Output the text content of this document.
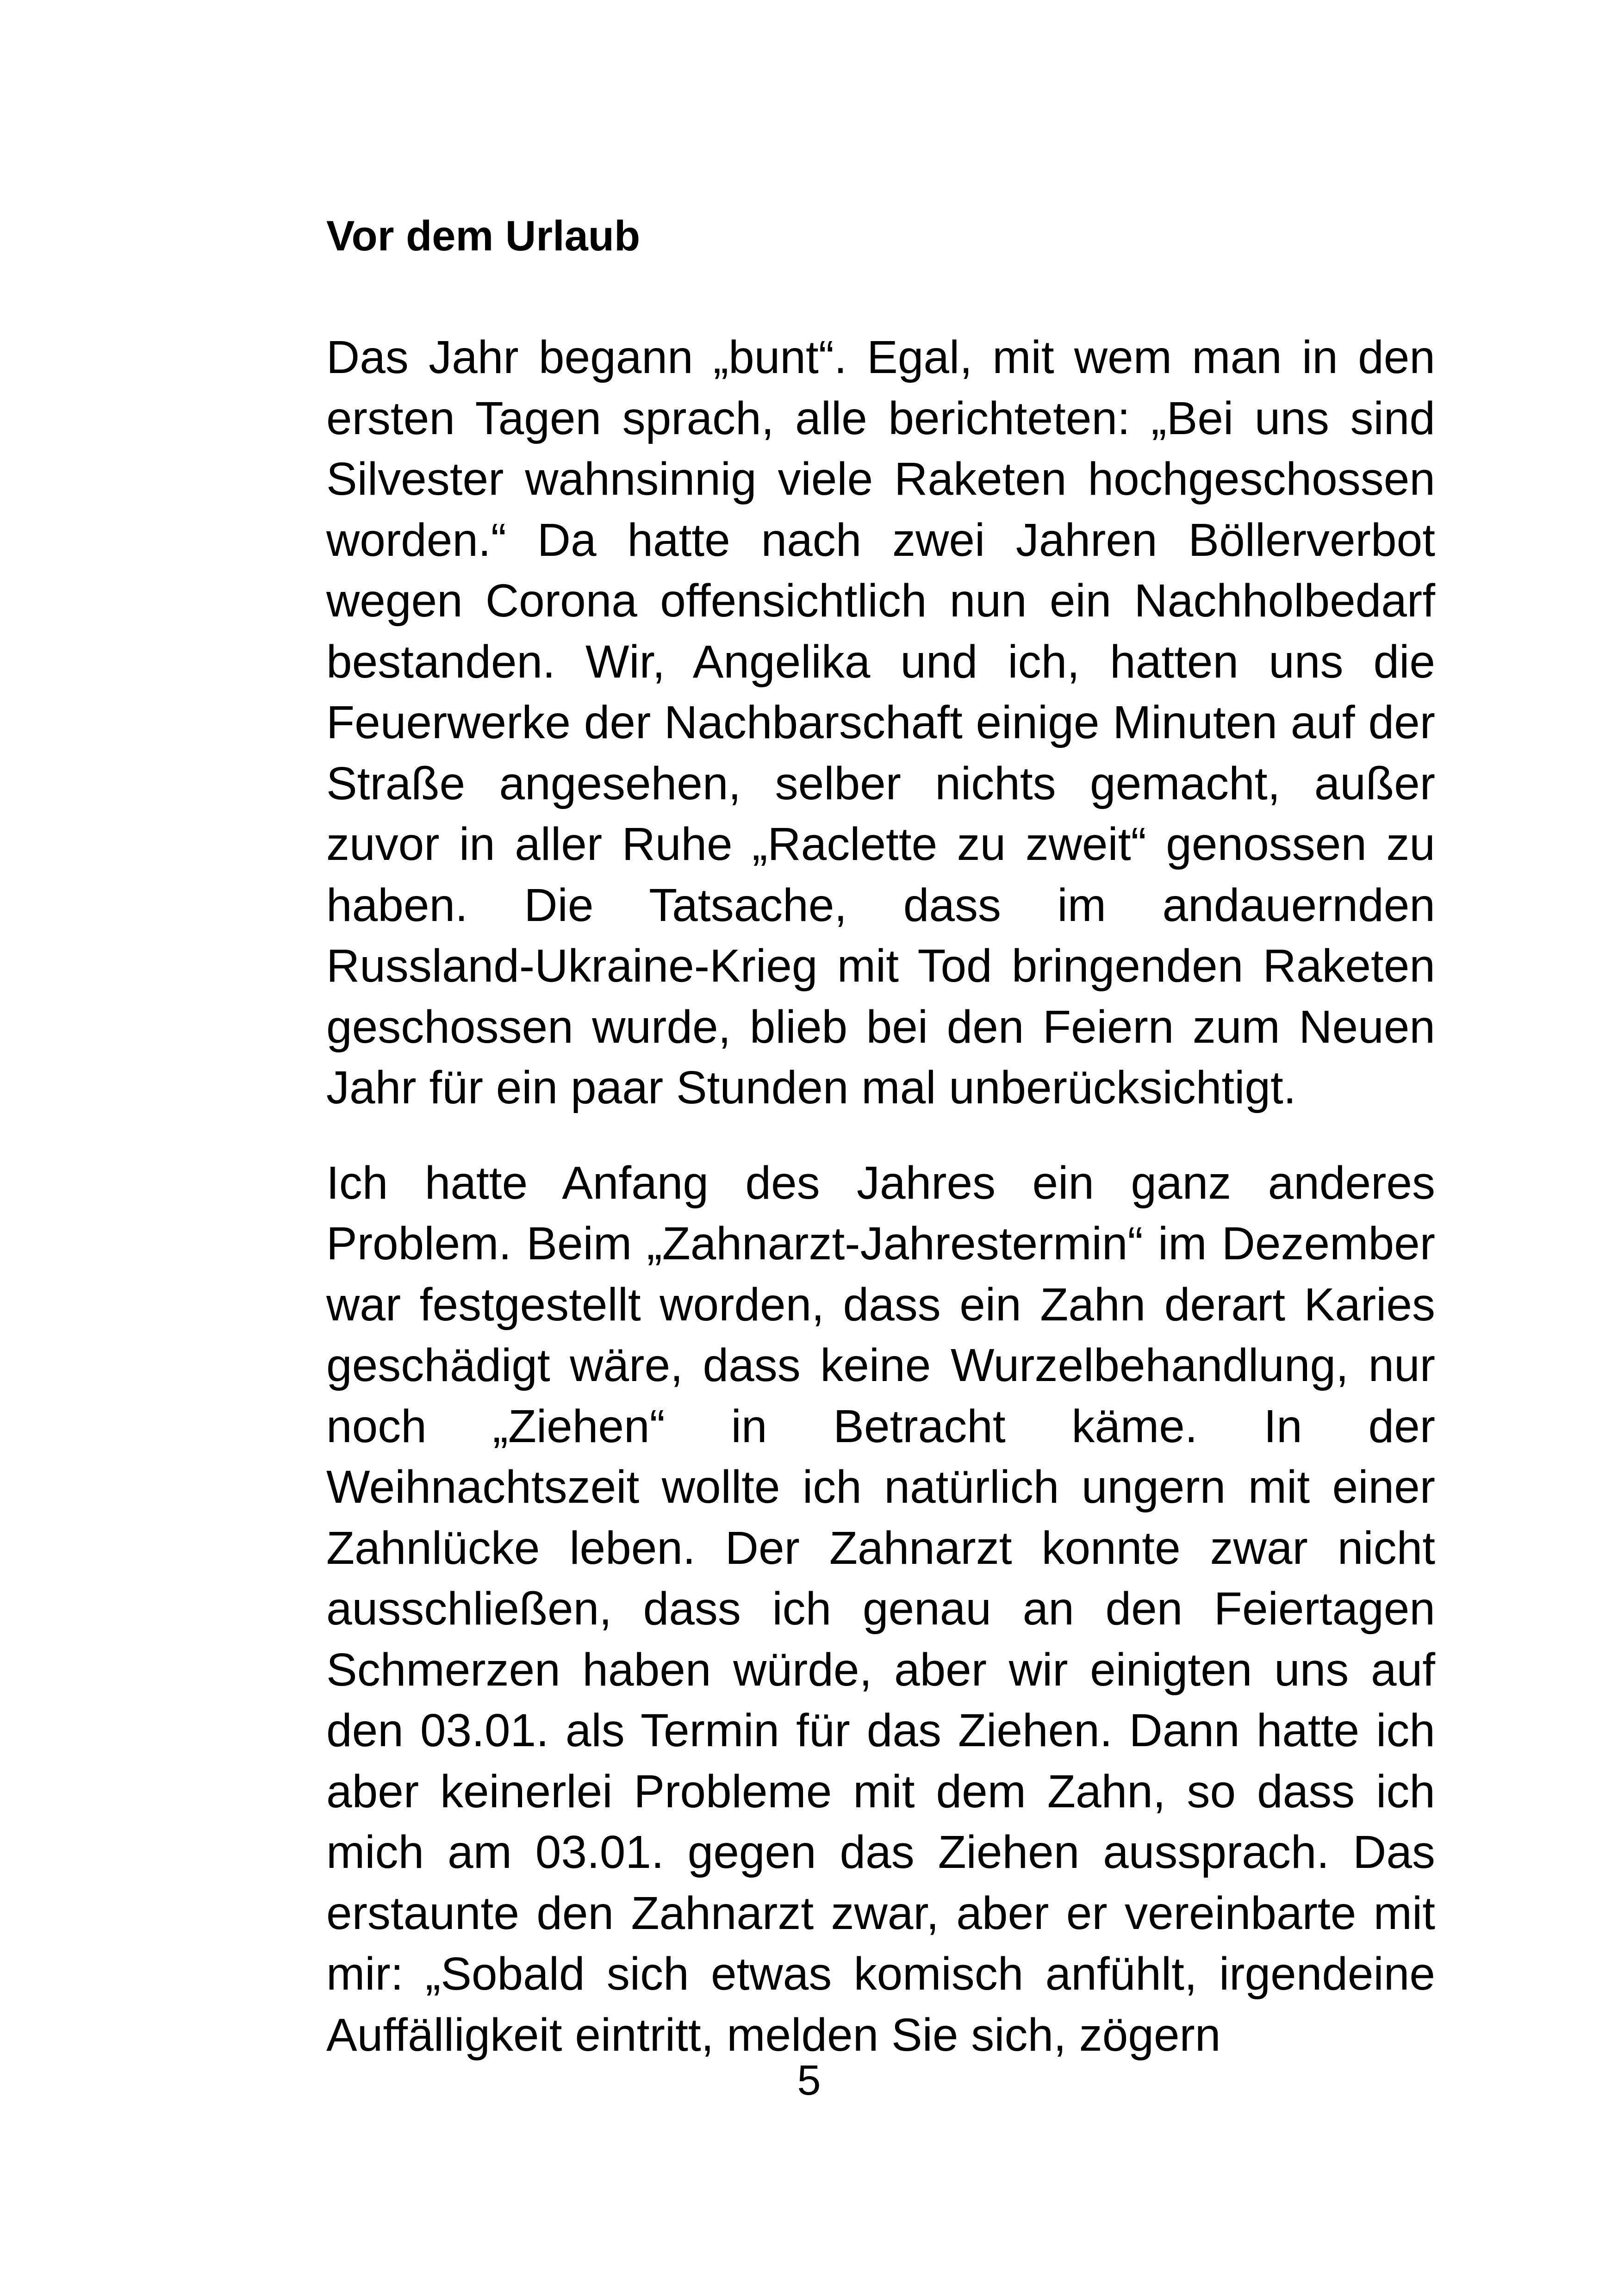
Vor dem Urlaub

Das Jahr begann „bunt“. Egal, mit wem man in den ersten Tagen sprach, alle berichteten: „Bei uns sind Silvester wahnsinnig viele Raketen hochgeschossen worden.“ Da hatte nach zwei Jahren Böllerverbot wegen Corona offensichtlich nun ein Nachholbedarf bestanden. Wir, Angelika und ich, hatten uns die Feuerwerke der Nachbarschaft einige Minuten auf der Straße angesehen, selber nichts gemacht, außer zuvor in aller Ruhe „Raclette zu zweit“ genossen zu haben. Die Tatsache, dass im andauernden Russland-Ukraine-Krieg mit Tod bringenden Raketen geschossen wurde, blieb bei den Feiern zum Neuen Jahr für ein paar Stunden mal unberücksichtigt.

Ich hatte Anfang des Jahres ein ganz anderes Problem. Beim „Zahnarzt-Jahrestermin“ im Dezember war festgestellt worden, dass ein Zahn derart Karies geschädigt wäre, dass keine Wurzelbehandlung, nur noch „Ziehen“ in Betracht käme. In der Weihnachtszeit wollte ich natürlich ungern mit einer Zahnlücke leben. Der Zahnarzt konnte zwar nicht ausschließen, dass ich genau an den Feiertagen Schmerzen haben würde, aber wir einigten uns auf den 03.01. als Termin für das Ziehen. Dann hatte ich aber keinerlei Probleme mit dem Zahn, so dass ich mich am 03.01. gegen das Ziehen aussprach. Das erstaunte den Zahnarzt zwar, aber er vereinbarte mit mir: „Sobald sich etwas komisch anfühlt, irgendeine Auffälligkeit eintritt, melden Sie sich, zögern

5
